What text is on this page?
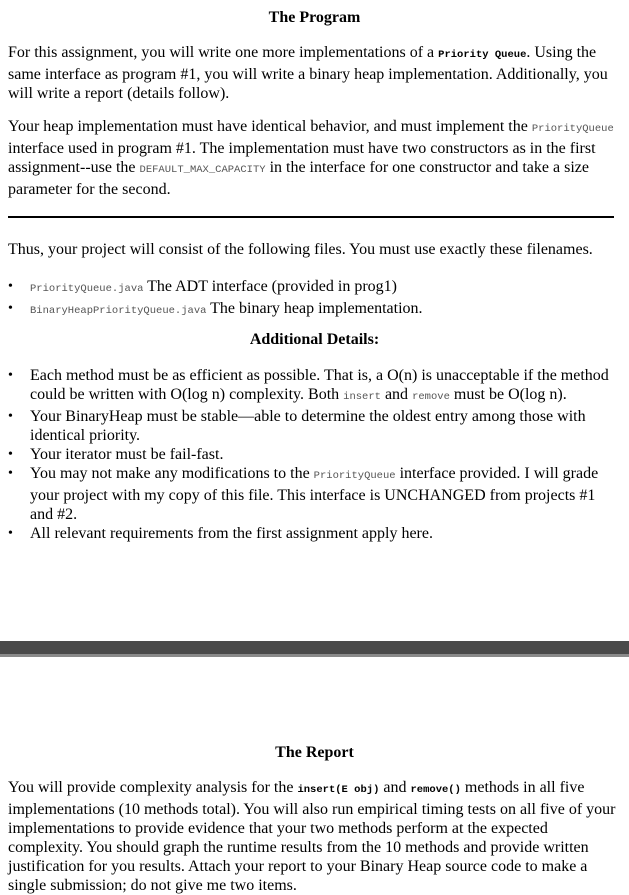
The Program

For this assignment, you will write one more implementations of a Priority Queue. Using the same interface as program #1, you will write a binary heap implementation. Additionally, you will write a report (details follow).

Your heap implementation must have identical behavior, and must implement the PriorityQueue interface used in program #1. The implementation must have two constructors as in the first assignment--use the DEFAULT_MAX_CAPACITY in the interface for one constructor and take a size parameter for the second.

Thus, your project will consist of the following files. You must use exactly these filenames.

• PriorityQueue.java The ADT interface (provided in prog1)
• BinaryHeapPriorityQueue.java The binary heap implementation.
Additional Details:
• Each method must be as efficient as possible. That is, a O(n) is unacceptable if the method could be written with O(log n) complexity. Both insert and remove must be O(log n).
• Your BinaryHeap must be stable—able to determine the oldest entry among those with identical priority.
• Your iterator must be fail-fast.
• You may not make any modifications to the PriorityQueue interface provided. I will grade your project with my copy of this file. This interface is UNCHANGED from projects #1 and #2.
• All relevant requirements from the first assignment apply here.
The Report

You will provide complexity analysis for the insert(E obj) and remove() methods in all five implementations (10 methods total). You will also run empirical timing tests on all five of your implementations to provide evidence that your two methods perform at the expected complexity. You should graph the runtime results from the 10 methods and provide written justification for you results. Attach your report to your Binary Heap source code to make a single submission; do not give me two items.
